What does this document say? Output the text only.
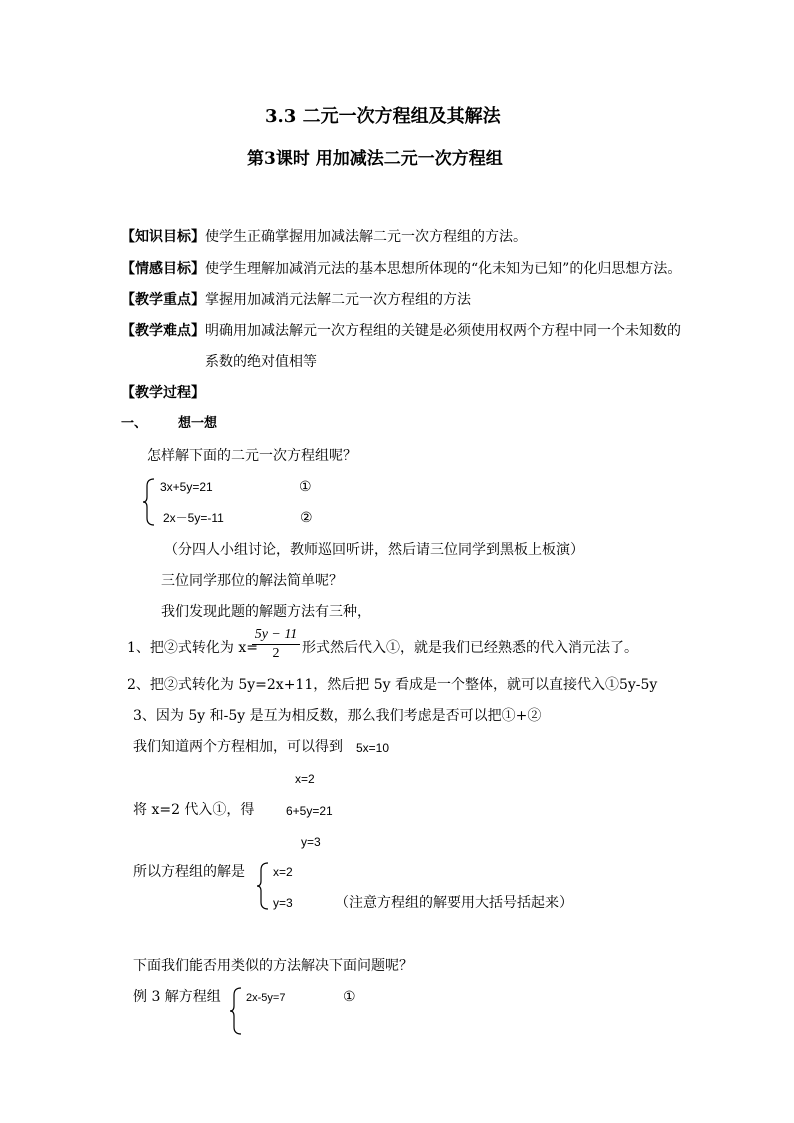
3.3 二元一次方程组及其解法
第3课时 用加减法二元一次方程组
【知识目标】使学生正确掌握用加减法解二元一次方程组的方法。
【情感目标】使学生理解加减消元法的基本思想所体现的“化未知为已知”的化归思想方法。
【教学重点】掌握用加减消元法解二元一次方程组的方法
【教学难点】明确用加减法解元一次方程组的关键是必须使用权两个方程中同一个未知数的
系数的绝对值相等
【教学过程】
一、 想一想
怎样解下面的二元一次方程组呢？
3x+5y=21	①
2x－5y=-11	②
（分四人小组讨论，教师巡回听讲，然后请三位同学到黑板上板演）
三位同学那位的解法简单呢？
我们发现此题的解题方法有三种，
1、把②式转化为 x=
$\frac{5y - 11}{2}$ 形式然后代入①，就是我们已经熟悉的代入消元法了。
2、把②式转化为 5y=2x+11，然后把 5y 看成是一个整体，就可以直接代入①5y-5y
3、因为 5y 和-5y 是互为相反数，那么我们考虑是否可以把①+②
我们知道两个方程相加，可以得到 5x=10
x=2
将 x=2 代入①，得	6+5y=21
y=3
所以方程组的解是 x=2
y=3	（注意方程组的解要用大括号括起来）
下面我们能否用类似的方法解决下面问题呢？
例 3 解方程组 2x-5y=7	①
